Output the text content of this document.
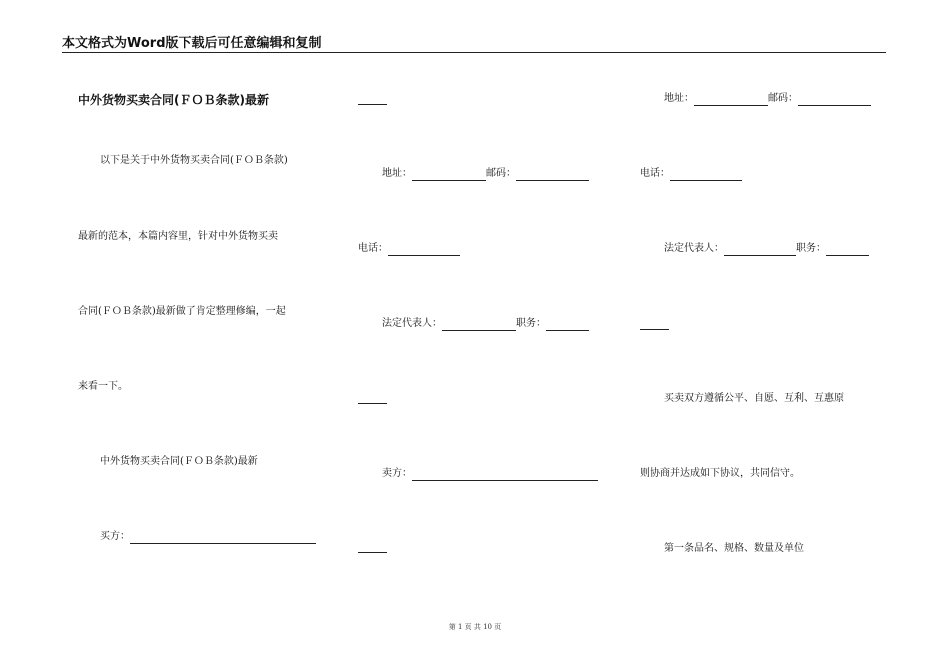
本文格式为Word版下载后可任意编辑和复制
中外货物买卖合同(ＦＯＢ条款)最新
以下是关于中外货物买卖合同(ＦＯＢ条款)
最新的范本，本篇内容里，针对中外货物买卖
合同(ＦＯＢ条款)最新做了肯定整理修编，一起
来看一下。
中外货物买卖合同(ＦＯＢ条款)最新
买方：
地址：	邮码：
电话：
法定代表人：	职务：
卖方：
地址：	邮码：
电话：
法定代表人：	职务：
买卖双方遵循公平、自愿、互利、互惠原
则协商并达成如下协议，共同信守。
第一条品名、规格、数量及单位
第 1 页 共 10 页
